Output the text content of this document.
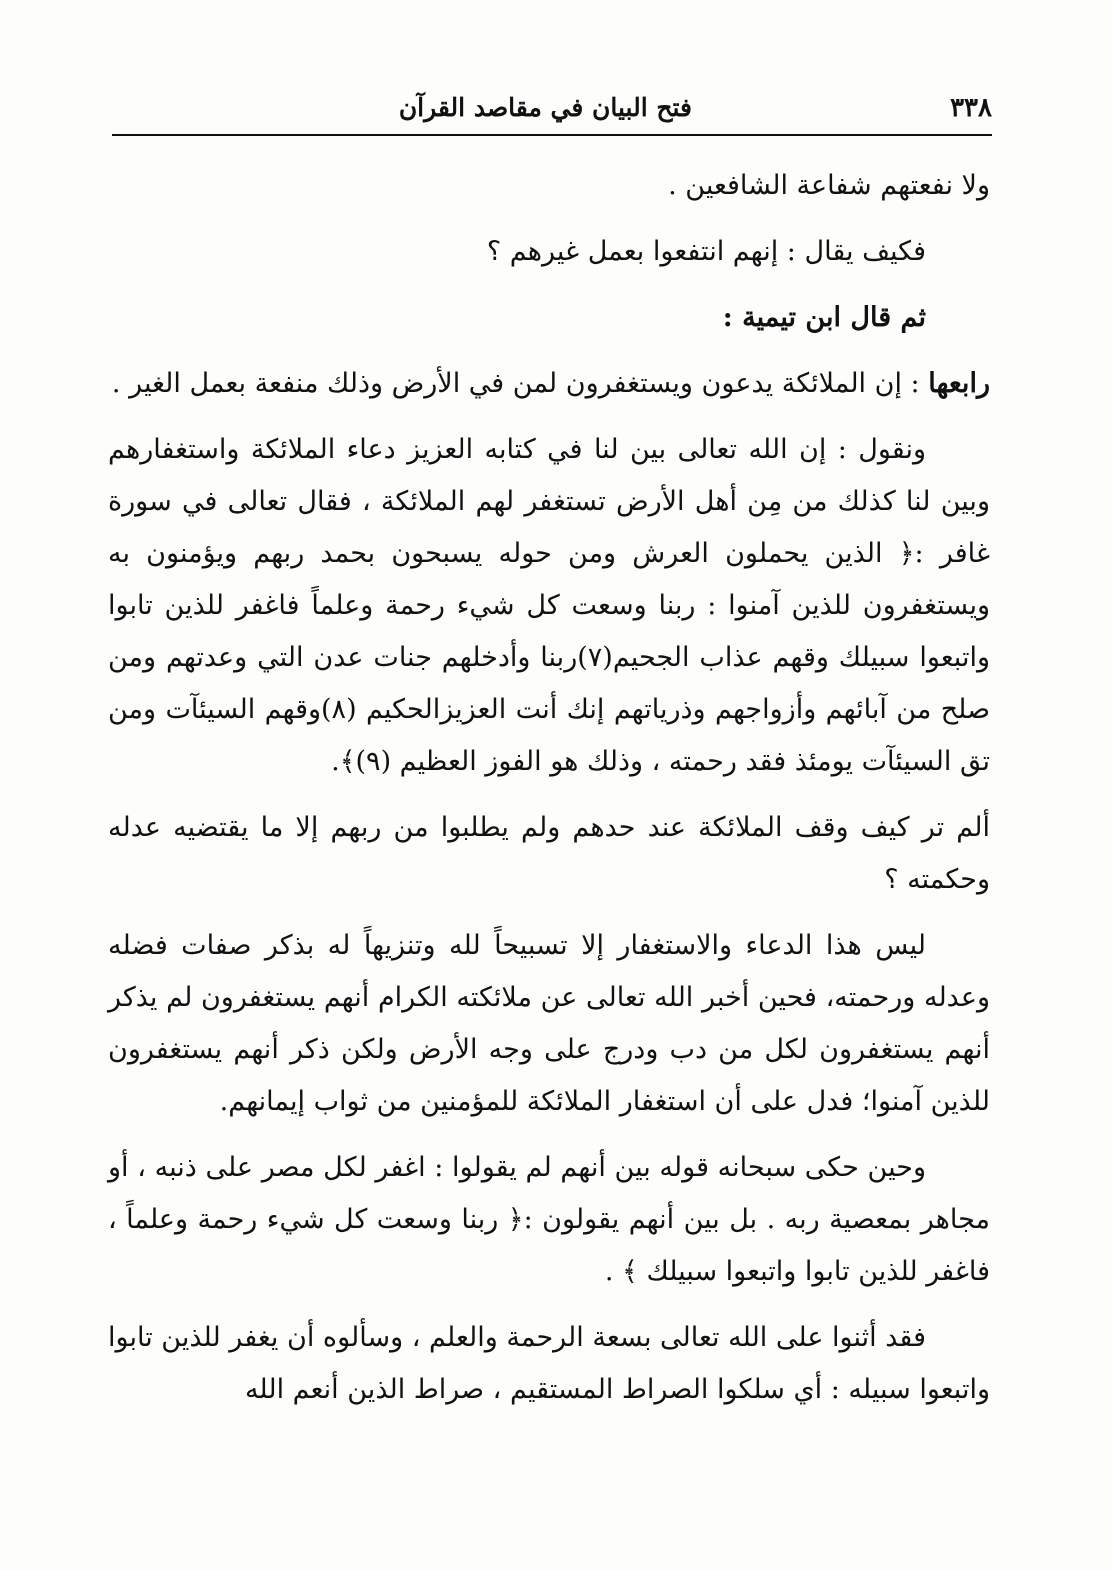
٣٣٨
فتح البيان في مقاصد القرآن

ولا نفعتهم شفاعة الشافعين .

فكيف يقال : إنهم انتفعوا بعمل غيرهم ؟

ثم قال ابن تيمية :

رابعها : إن الملائكة يدعون ويستغفرون لمن في الأرض وذلك منفعة بعمل الغير .

ونقول : إن الله تعالى بين لنا في كتابه العزيز دعاء الملائكة واستغفارهم وبين لنا كذلك من مِن أهل الأرض تستغفر لهم الملائكة ، فقال تعالى في سورة غافر :﴿ الذين يحملون العرش ومن حوله يسبحون بحمد ربهم ويؤمنون به ويستغفرون للذين آمنوا : ربنا وسعت كل شيء رحمة وعلماً فاغفر للذين تابوا واتبعوا سبيلك وقهم عذاب الجحيم(٧)ربنا وأدخلهم جنات عدن التي وعدتهم ومن صلح من آبائهم وأزواجهم وذرياتهم إنك أنت العزيزالحكيم (٨)وقهم السيئآت ومن تق السيئآت يومئذ فقد رحمته ، وذلك هو الفوز العظيم (٩)﴾.

ألم تر كيف وقف الملائكة عند حدهم ولم يطلبوا من ربهم إلا ما يقتضيه عدله وحكمته ؟

ليس هذا الدعاء والاستغفار إلا تسبيحاً لله وتنزيهاً له بذكر صفات فضله وعدله ورحمته، فحين أخبر الله تعالى عن ملائكته الكرام أنهم يستغفرون لم يذكر أنهم يستغفرون لكل من دب ودرج على وجه الأرض ولكن ذكر أنهم يستغفرون للذين آمنوا؛ فدل على أن استغفار الملائكة للمؤمنين من ثواب إيمانهم.

وحين حكى سبحانه قوله بين أنهم لم يقولوا : اغفر لكل مصر على ذنبه ، أو مجاهر بمعصية ربه . بل بين أنهم يقولون :﴿ ربنا وسعت كل شيء رحمة وعلماً ، فاغفر للذين تابوا واتبعوا سبيلك ﴾ .

فقد أثنوا على الله تعالى بسعة الرحمة والعلم ، وسألوه أن يغفر للذين تابوا واتبعوا سبيله : أي سلكوا الصراط المستقيم ، صراط الذين أنعم الله
